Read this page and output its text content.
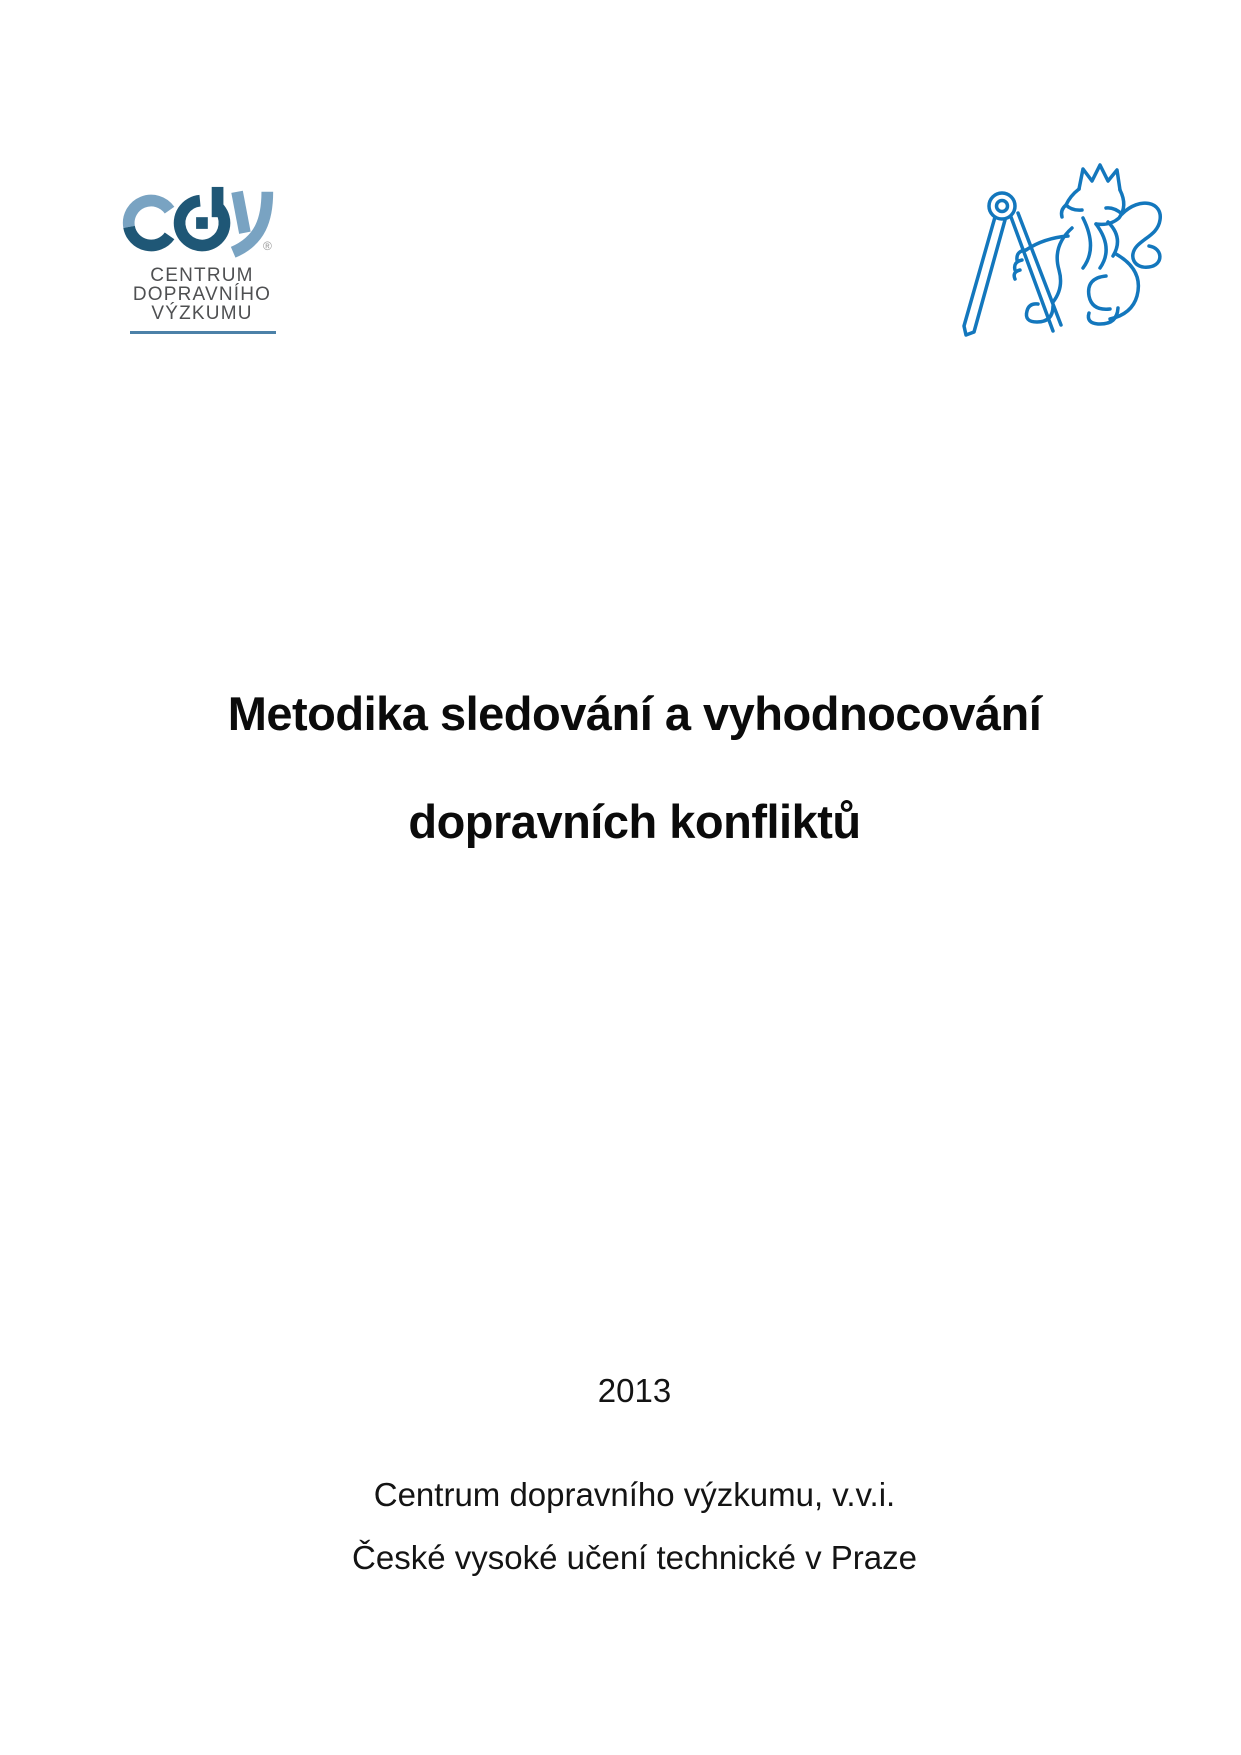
®
CENTRUM
DOPRAVNÍHO
VÝZKUMU
Metodika sledování a vyhodnocování
dopravních konfliktů
2013
Centrum dopravního výzkumu, v.v.i.
České vysoké učení technické v Praze
